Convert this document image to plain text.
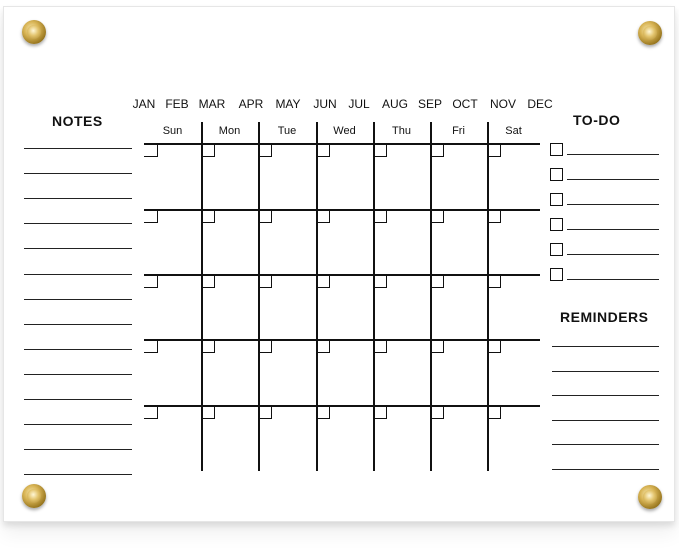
NOTES
JAN FEB MAR	APR	MAY	JUN JUL	AUG SEP OCT	NOV DEC
Sun	Mon	Tue	Wed	Thu	Fri	Sat
TO-DO
REMINDERS
